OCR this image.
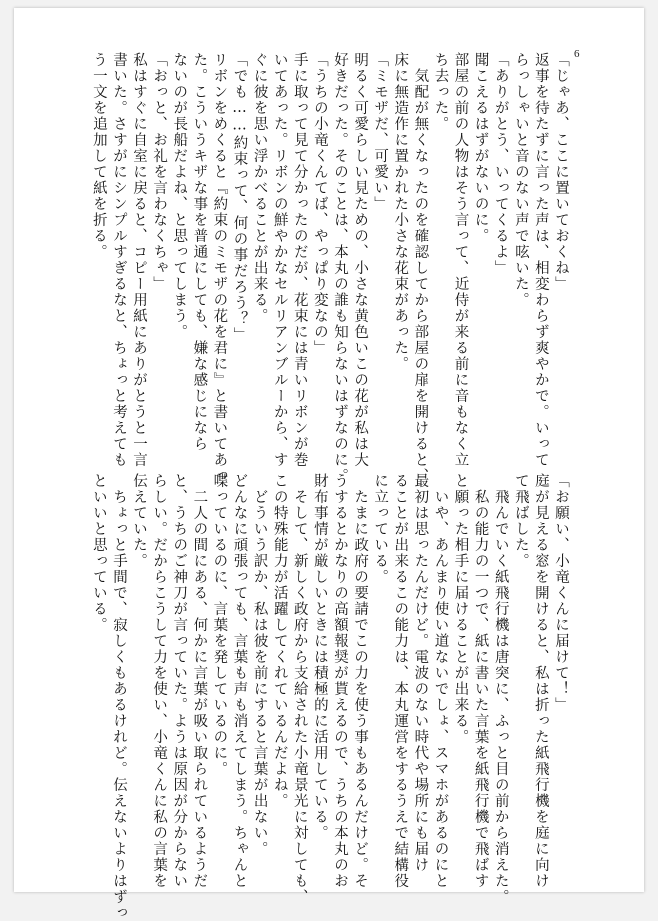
6
「じゃあ、ここに置いておくね」
返事を待たずに言った声は、相変わらず爽やかで。いって
らっしゃいと音のない声で呟いた。
「ありがとう、いってくるよ」
聞こえるはずがないのに。
部屋の前の人物はそう言って、近侍が来る前に音もなく立
ち去った。
　気配が無くなったのを確認してから部屋の扉を開けると、
床に無造作に置かれた小さな花束があった。
「ミモザだ、可愛い」
明るく可愛らしい見ための、小さな黄色いこの花が私は大
好きだった。そのことは、本丸の誰も知らないはずなのに。
「うちの小竜くんてば、やっぱり変なの」
手に取って見て分かったのだが、花束には青いリボンが巻
いてあった。リボンの鮮やかなセルリアンブルーから、す
ぐに彼を思い浮かべることが出来る。
「でも……約束って、何の事だろう？」
リボンをめくると『約束のミモザの花を君に』と書いてあっ
た。こういうキザな事を普通にしても、嫌な感じになら
ないのが長船だよね、と思ってしまう。
「おっと、お礼を言わなくちゃ」
私はすぐに自室に戻ると、コピー用紙にありがとうと一言
書いた。さすがにシンプルすぎるなと、ちょっと考えても
う一文を追加して紙を折る。
「お願い、小竜くんに届けて！」
庭が見える窓を開けると、私は折った紙飛行機を庭に向け
て飛ばした。
　飛んでいく紙飛行機は唐突に、ふっと目の前から消えた。
　私の能力の一つで、紙に書いた言葉を紙飛行機で飛ばす
と願った相手に届けることが出来る。
　いや、あんまり使い道ないでしょ、スマホがあるのにと
最初は思ったんだけど。電波のない時代や場所にも届け
ることが出来るこの能力は、本丸運営をするうえで結構役
に立っている。
　たまに政府の要請でこの力を使う事もあるんだけど。そ
うするとかなりの高額報奨が貰えるので、うちの本丸のお
財布事情が厳しいときには積極的に活用している。
　そして、新しく政府から支給された小竜景光に対しても、
この特殊能力が活躍してくれているんだよね。
　どういう訳か、私は彼を前にすると言葉が出ない。
どんなに頑張っても、言葉も声も消えてしまう。ちゃんと
喋っているのに、言葉を発しているのに。
　二人の間にある、何かに言葉が吸い取られているようだ
と、うちのご神刀が言っていた。ようは原因が分からない
らしい。だからこうして力を使い、小竜くんに私の言葉を
伝えていた。
　ちょっと手間で、寂しくもあるけれど。伝えないよりはずっ
といいと思っている。
